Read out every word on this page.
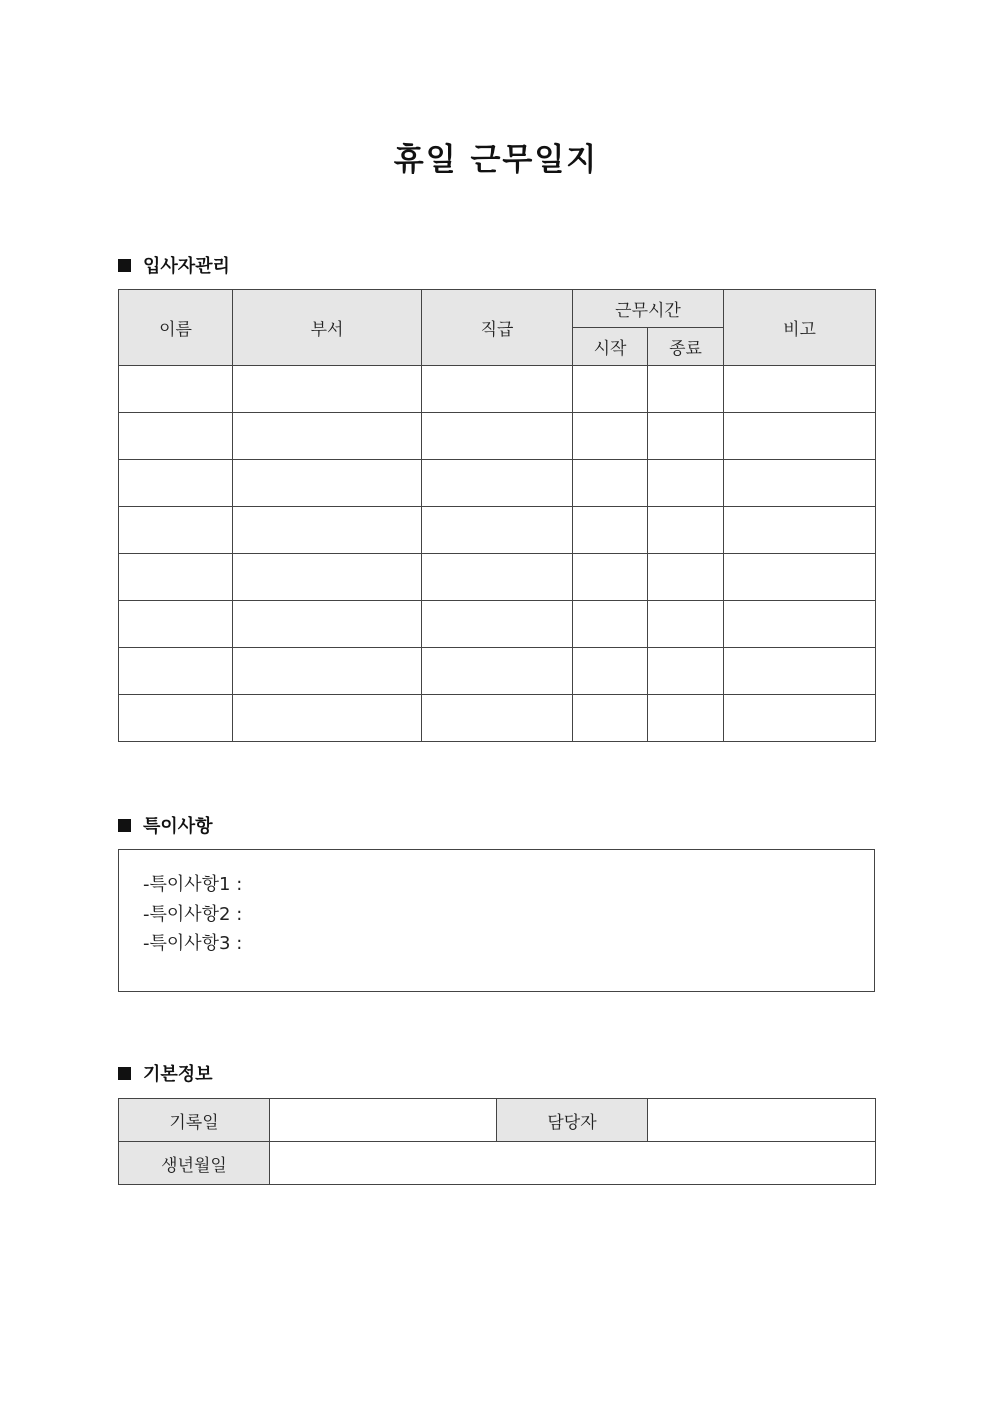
휴일 근무일지
입사자관리
이름	부서	직급	근무시간		비고
			시작	종료	

특이사항
-특이사항1 :
-특이사항2 :
-특이사항3 :
기본정보
기록일		담당자	
생년월일			
